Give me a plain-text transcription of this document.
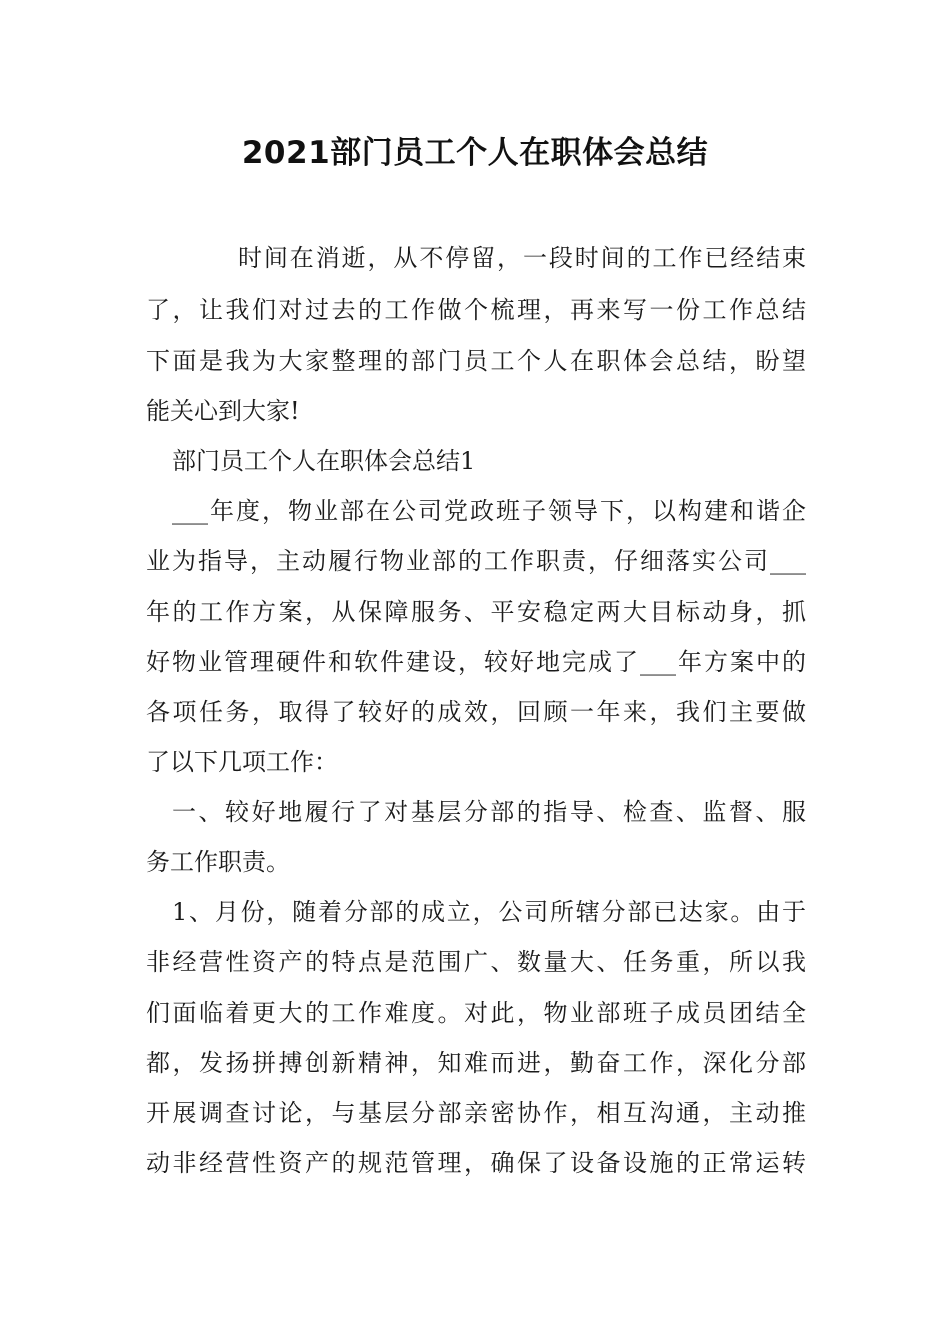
2021部门员工个人在职体会总结
时间在消逝，从不停留，一段时间的工作已经结束
了，让我们对过去的工作做个梳理，再来写一份工作总结
下面是我为大家整理的部门员工个人在职体会总结，盼望
能关心到大家!
部门员工个人在职体会总结1
___年度，物业部在公司党政班子领导下，以构建和谐企
业为指导，主动履行物业部的工作职责，仔细落实公司___
年的工作方案，从保障服务、平安稳定两大目标动身，抓
好物业管理硬件和软件建设，较好地完成了___年方案中的
各项任务，取得了较好的成效，回顾一年来，我们主要做
了以下几项工作：
一、较好地履行了对基层分部的指导、检查、监督、服
务工作职责。
1、月份，随着分部的成立，公司所辖分部已达家。由于
非经营性资产的特点是范围广、数量大、任务重，所以我
们面临着更大的工作难度。对此，物业部班子成员团结全
都，发扬拼搏创新精神，知难而进，勤奋工作，深化分部
开展调查讨论，与基层分部亲密协作，相互沟通，主动推
动非经营性资产的规范管理，确保了设备设施的正常运转
